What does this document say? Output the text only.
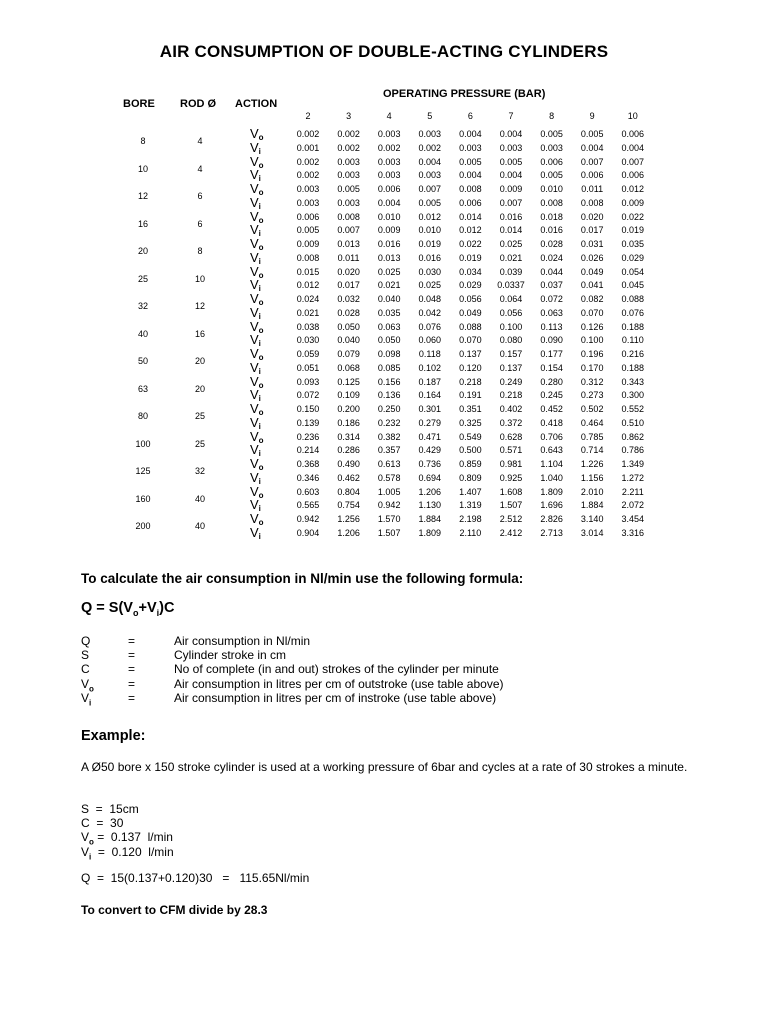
AIR CONSUMPTION OF DOUBLE-ACTING CYLINDERS
BORE ROD Ø ACTION
OPERATING PRESSURE (BAR)
2	3	4	5	6	7	8	9	10
8	4	$V_o$	0.002	0.002	0.003	0.003	0.004	0.004	0.005	0.005	0.006
$V_i$	0.001	0.002	0.002	0.002	0.003	0.003	0.003	0.004	0.004
10	4	$V_o$	0.002	0.003	0.003	0.004	0.005	0.005	0.006	0.007	0.007
$V_i$	0.002	0.003	0.003	0.003	0.004	0.004	0.005	0.006	0.006
12	6	$V_o$	0.003	0.005	0.006	0.007	0.008	0.009	0.010	0.011	0.012
$V_i$	0.003	0.003	0.004	0.005	0.006	0.007	0.008	0.008	0.009
16	6	$V_o$	0.006	0.008	0.010	0.012	0.014	0.016	0.018	0.020	0.022
$V_i$	0.005	0.007	0.009	0.010	0.012	0.014	0.016	0.017	0.019
20	8	$V_o$	0.009	0.013	0.016	0.019	0.022	0.025	0.028	0.031	0.035
$V_i$	0.008	0.011	0.013	0.016	0.019	0.021	0.024	0.026	0.029
25	10	$V_o$	0.015	0.020	0.025	0.030	0.034	0.039	0.044	0.049	0.054
$V_i$	0.012	0.017	0.021	0.025	0.029	0.0337	0.037	0.041	0.045
32	12	$V_o$	0.024	0.032	0.040	0.048	0.056	0.064	0.072	0.082	0.088
$V_i$	0.021	0.028	0.035	0.042	0.049	0.056	0.063	0.070	0.076
40	16	$V_o$	0.038	0.050	0.063	0.076	0.088	0.100	0.113	0.126	0.188
$V_i$	0.030	0.040	0.050	0.060	0.070	0.080	0.090	0.100	0.110
50	20	$V_o$	0.059	0.079	0.098	0.118	0.137	0.157	0.177	0.196	0.216
$V_i$	0.051	0.068	0.085	0.102	0.120	0.137	0.154	0.170	0.188
63	20	$V_o$	0.093	0.125	0.156	0.187	0.218	0.249	0.280	0.312	0.343
$V_i$	0.072	0.109	0.136	0.164	0.191	0.218	0.245	0.273	0.300
80	25	$V_o$	0.150	0.200	0.250	0.301	0.351	0.402	0.452	0.502	0.552
$V_i$	0.139	0.186	0.232	0.279	0.325	0.372	0.418	0.464	0.510
100	25	$V_o$	0.236	0.314	0.382	0.471	0.549	0.628	0.706	0.785	0.862
$V_i$	0.214	0.286	0.357	0.429	0.500	0.571	0.643	0.714	0.786
125	32	$V_o$	0.368	0.490	0.613	0.736	0.859	0.981	1.104	1.226	1.349
$V_i$	0.346	0.462	0.578	0.694	0.809	0.925	1.040	1.156	1.272
160	40	$V_o$	0.603	0.804	1.005	1.206	1.407	1.608	1.809	2.010	2.211
$V_i$	0.565	0.754	0.942	1.130	1.319	1.507	1.696	1.884	2.072
200	40	$V_o$	0.942	1.256	1.570	1.884	2.198	2.512	2.826	3.140	3.454
$V_i$	0.904	1.206	1.507	1.809	2.110	2.412	2.713	3.014	3.316
To calculate the air consumption in Nl/min use the following formula:
$Q = S(V_o+V_i)C$
Q	=	Air consumption in Nl/min
S	=	Cylinder stroke in cm
C	=	No of complete (in and out) strokes of the cylinder per minute
$V_o$	=	Air consumption in litres per cm of outstroke (use table above)
$V_i$	=	Air consumption in litres per cm of instroke (use table above)
Example:
A Ø50 bore x 150 stroke cylinder is used at a working pressure of 6bar and cycles at a rate of 30 strokes a minute.
S  =  15cm
C  =  30
$V_o = 0.137$  l/min
$V_i = 0.120$  l/min
Q  =  15(0.137+0.120)30   =   115.65Nl/min
To convert to CFM divide by 28.3
